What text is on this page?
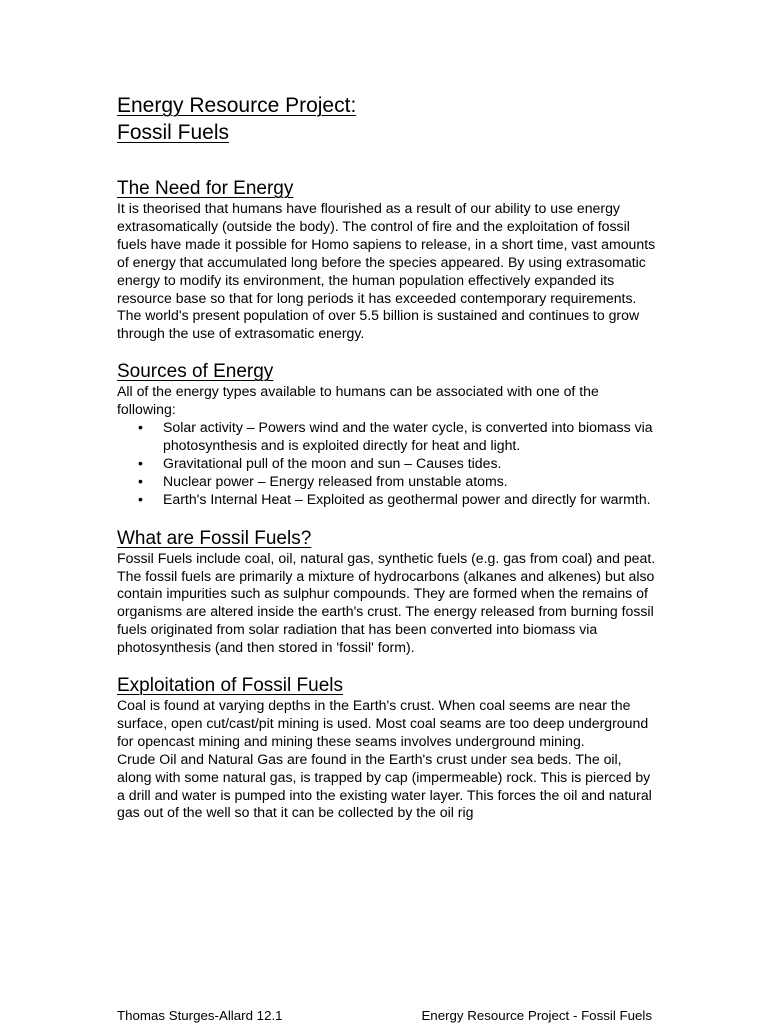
Energy Resource Project:
Fossil Fuels
The Need for Energy

It is theorised that humans have flourished as a result of our ability to use energy extrasomatically (outside the body). The control of fire and the exploitation of fossil fuels have made it possible for Homo sapiens to release, in a short time, vast amounts of energy that accumulated long before the species appeared. By using extrasomatic energy to modify its environment, the human population effectively expanded its resource base so that for long periods it has exceeded contemporary requirements. The world's present population of over 5.5 billion is sustained and continues to grow through the use of extrasomatic energy.

Sources of Energy

All of the energy types available to humans can be associated with one of the following:

• Solar activity – Powers wind and the water cycle, is converted into biomass via photosynthesis and is exploited directly for heat and light.
• Gravitational pull of the moon and sun – Causes tides.
• Nuclear power – Energy released from unstable atoms.
• Earth's Internal Heat – Exploited as geothermal power and directly for warmth.
What are Fossil Fuels?

Fossil Fuels include coal, oil, natural gas, synthetic fuels (e.g. gas from coal) and peat. The fossil fuels are primarily a mixture of hydrocarbons (alkanes and alkenes) but also contain impurities such as sulphur compounds. They are formed when the remains of organisms are altered inside the earth's crust. The energy released from burning fossil fuels originated from solar radiation that has been converted into biomass via photosynthesis (and then stored in 'fossil' form).

Exploitation of Fossil Fuels

Coal is found at varying depths in the Earth's crust. When coal seems are near the surface, open cut/cast/pit mining is used. Most coal seams are too deep underground for opencast mining and mining these seams involves underground mining.

Crude Oil and Natural Gas are found in the Earth's crust under sea beds. The oil, along with some natural gas, is trapped by cap (impermeable) rock. This is pierced by a drill and water is pumped into the existing water layer. This forces the oil and natural gas out of the well so that it can be collected by the oil rig

Thomas Sturges-Allard 12.1	Energy Resource Project - Fossil Fuels
